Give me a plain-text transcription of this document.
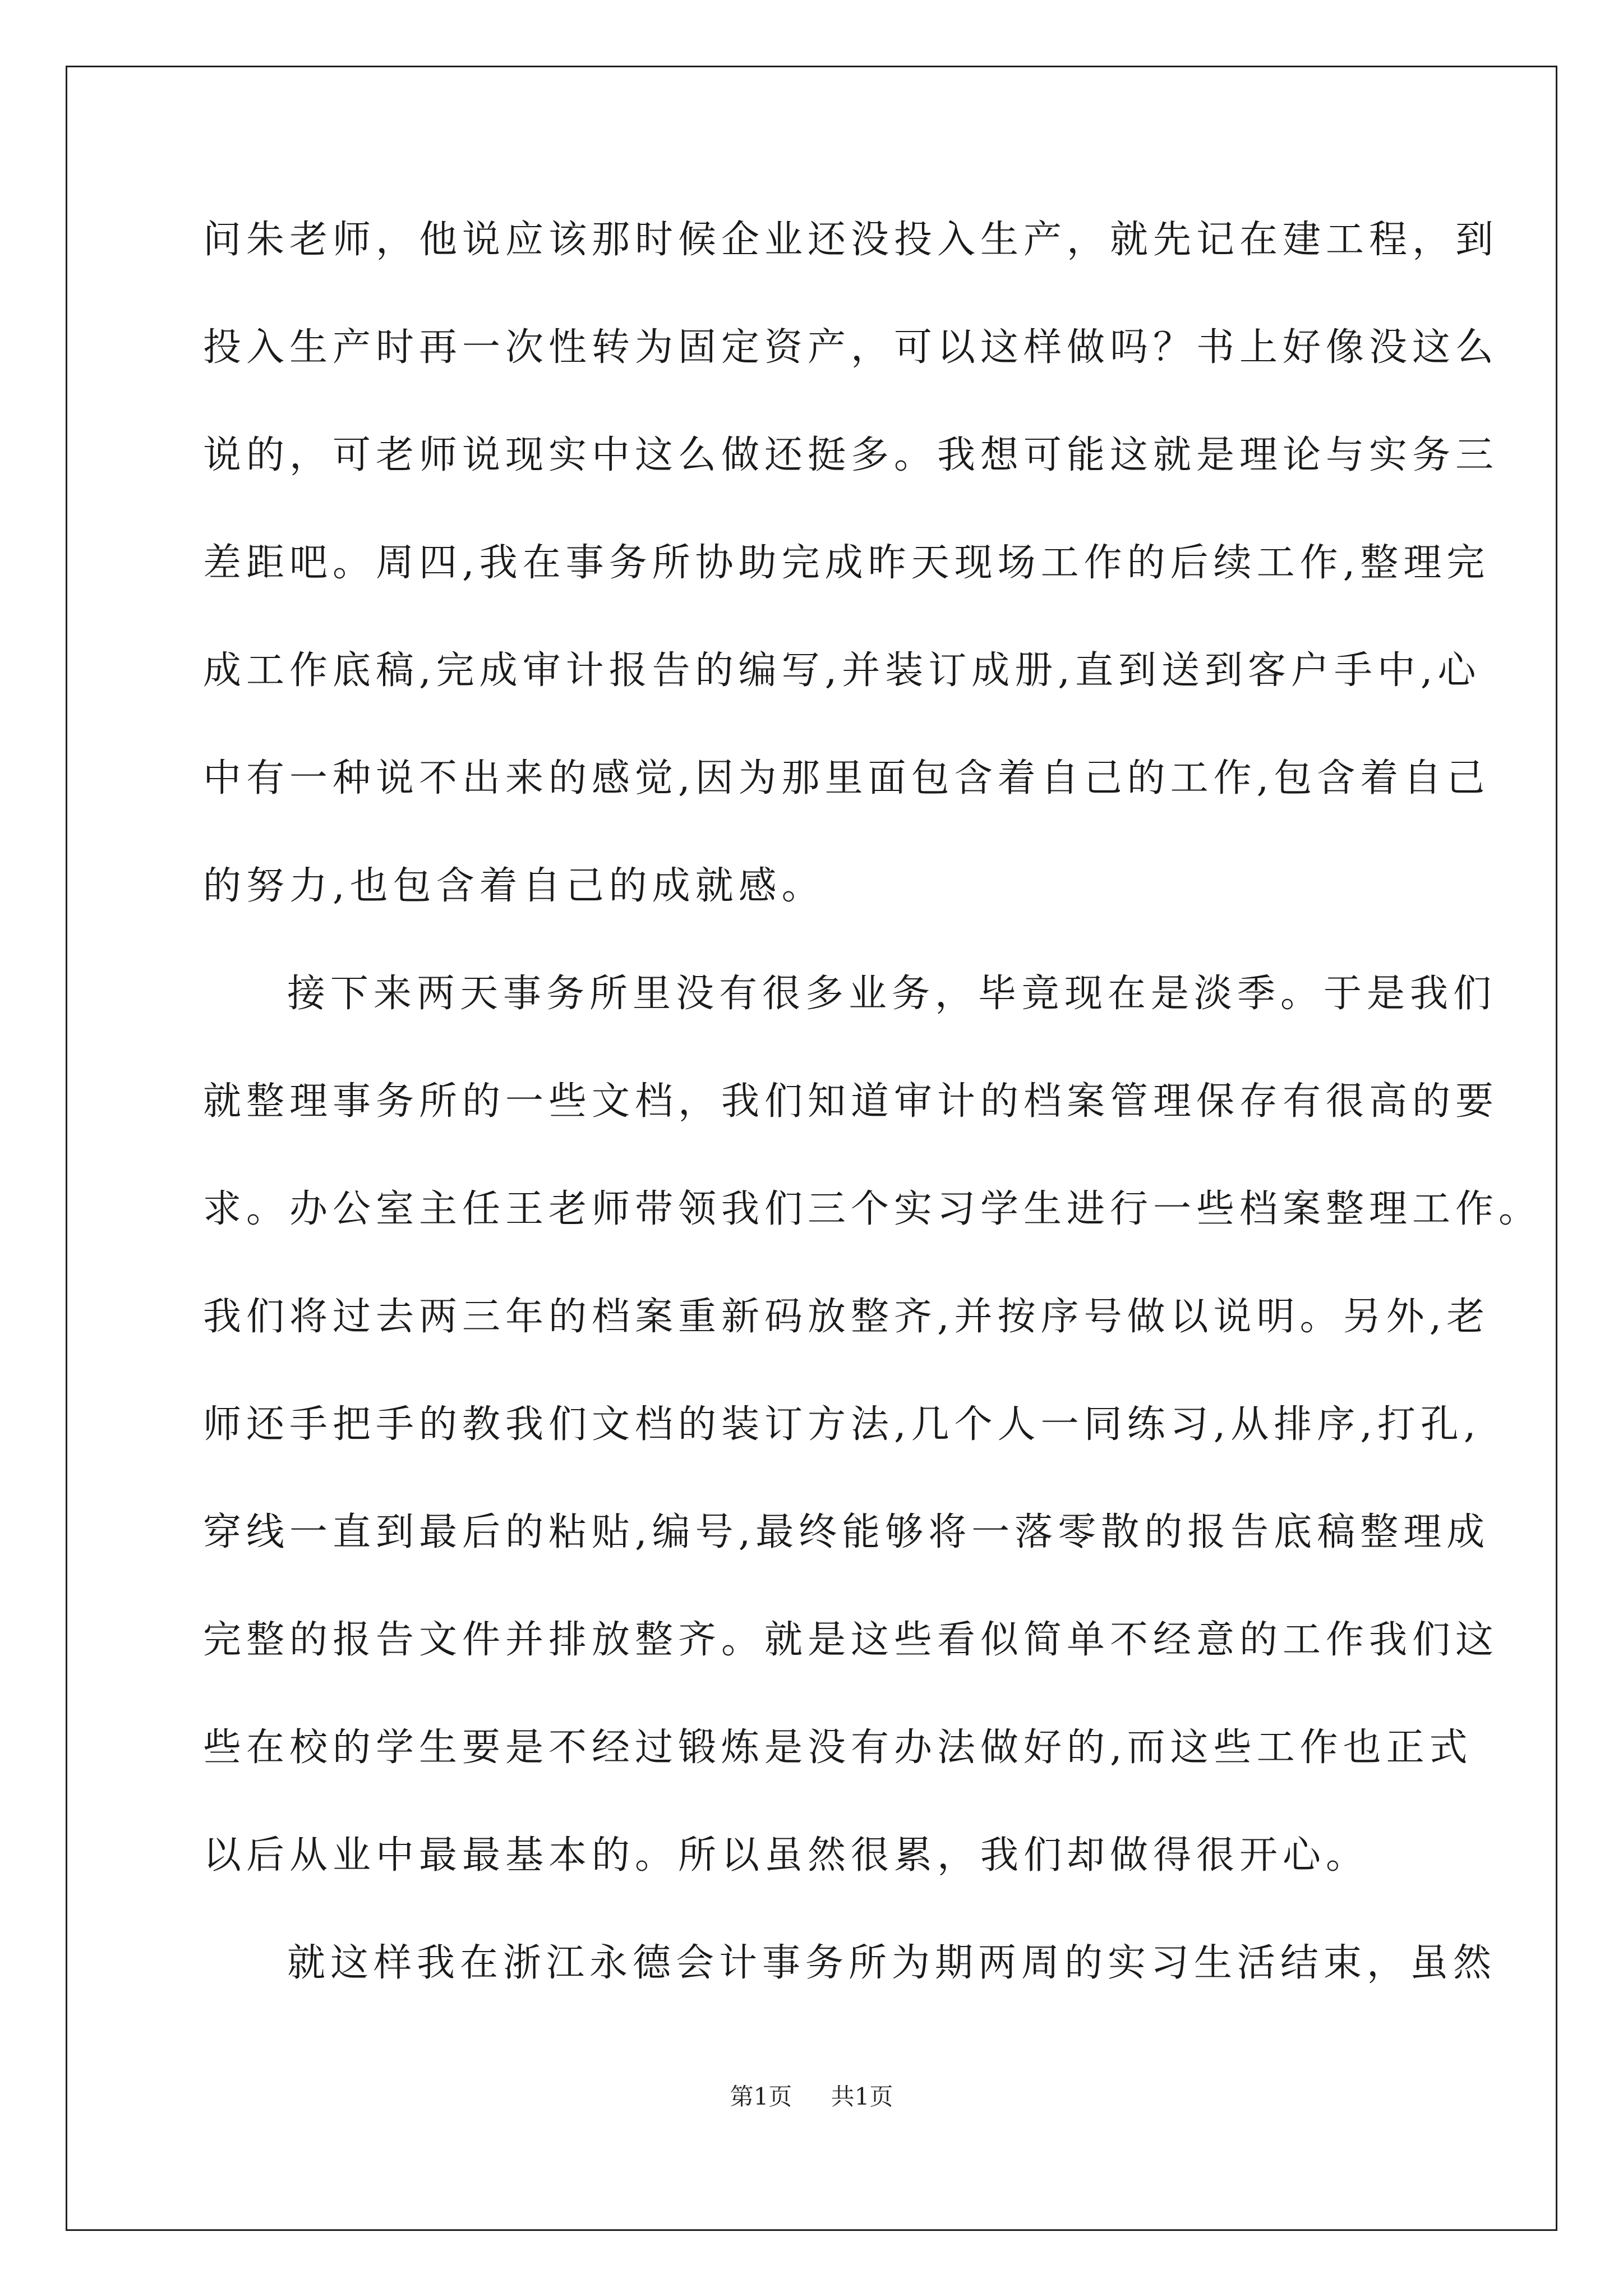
问朱老师，他说应该那时候企业还没投入生产，就先记在建工程，到
投入生产时再一次性转为固定资产，可以这样做吗？书上好像没这么
说的，可老师说现实中这么做还挺多。我想可能这就是理论与实务三
差距吧。周四,我在事务所协助完成昨天现场工作的后续工作,整理完
成工作底稿,完成审计报告的编写,并装订成册,直到送到客户手中,心
中有一种说不出来的感觉,因为那里面包含着自己的工作,包含着自己
的努力,也包含着自己的成就感。
接下来两天事务所里没有很多业务，毕竟现在是淡季。于是我们
就整理事务所的一些文档，我们知道审计的档案管理保存有很高的要
求。办公室主任王老师带领我们三个实习学生进行一些档案整理工作。
我们将过去两三年的档案重新码放整齐,并按序号做以说明。另外,老
师还手把手的教我们文档的装订方法,几个人一同练习,从排序,打孔,
穿线一直到最后的粘贴,编号,最终能够将一落零散的报告底稿整理成
完整的报告文件并排放整齐。就是这些看似简单不经意的工作我们这
些在校的学生要是不经过锻炼是没有办法做好的,而这些工作也正式
以后从业中最最基本的。所以虽然很累，我们却做得很开心。
就这样我在浙江永德会计事务所为期两周的实习生活结束，虽然
第1页 共1页
